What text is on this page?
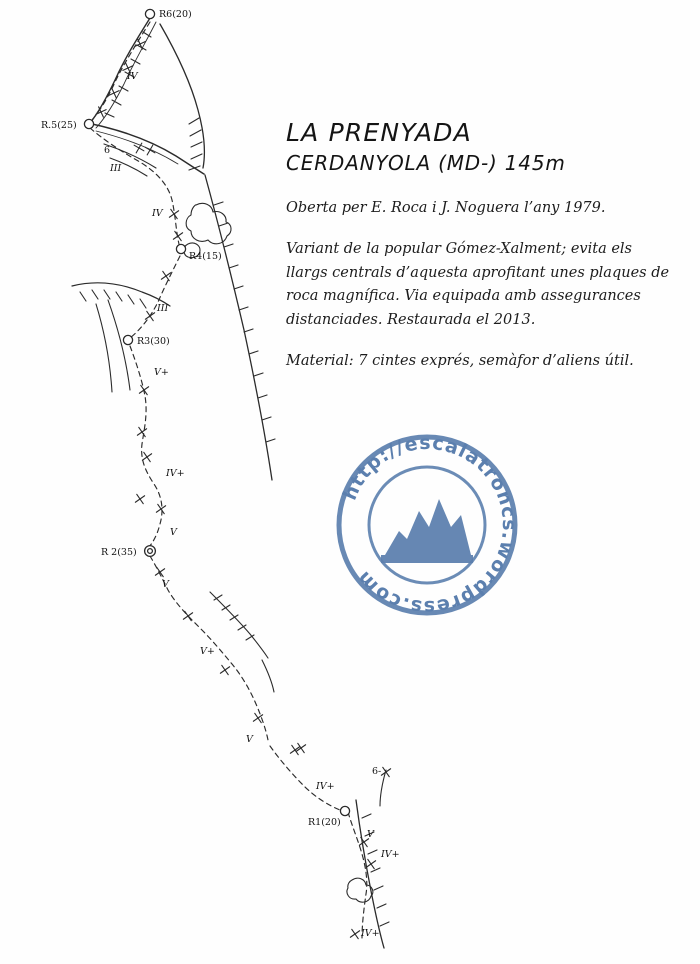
R6(20)
R.5(25)
R4(15)
R3(30)
R 2(35)
R1(20)
IV
III
IV
III
V+
IV+
V
V
V+
V
IV+
V
IV+
IV+
6-
6
LA PRENYADA
CERDANYOLA (MD-) 145m

Oberta per E. Roca i J. Noguera l’any 1979.

Variant de la popular Gómez-Xalment; evita els llargs centrals d’aquesta aprofitant unes plaques de roca magnífica. Via equipada amb assegurances distanciades. Restaurada el 2013.

Material: 7 cintes exprés, semàfor d’aliens útil.

http://escalatroncs.wordpress.com
